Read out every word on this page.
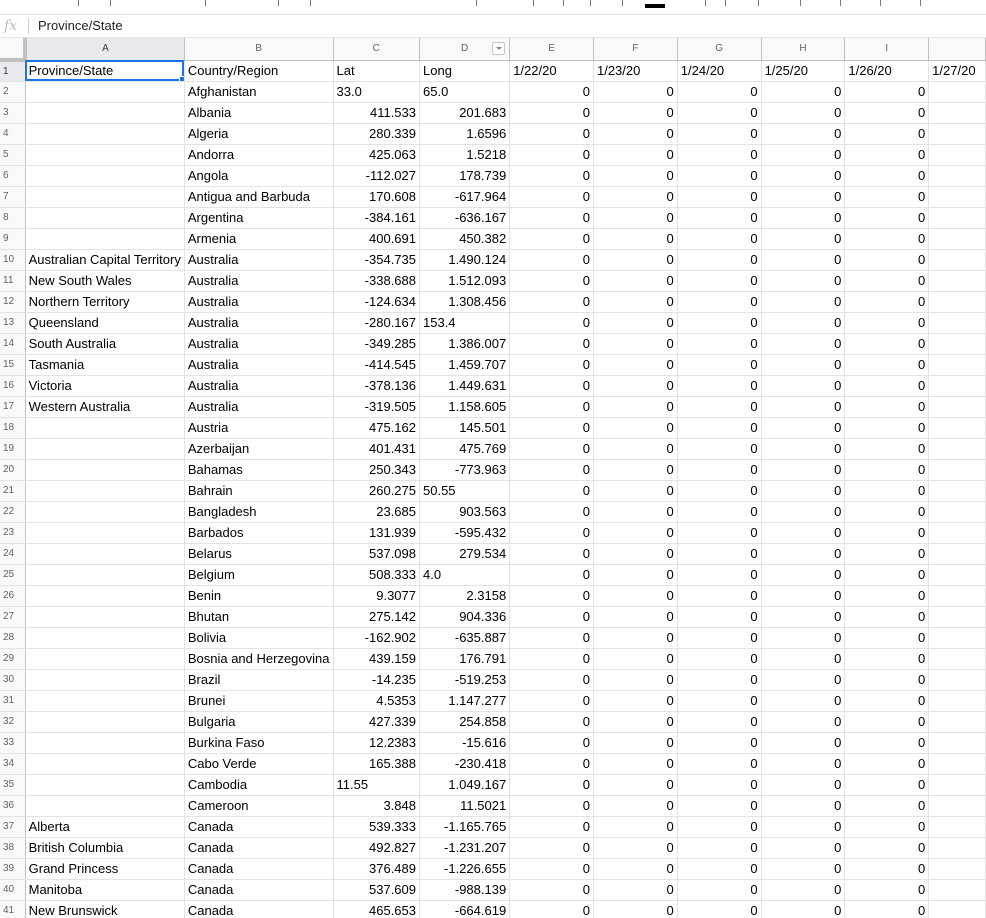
fx	Province/State
	A	B	C	D	E	F	G	H	I	
1	Province/State	Country/Region	Lat	Long	1/22/20	1/23/20	1/24/20	1/25/20	1/26/20	1/27/20
2		Afghanistan	33.0	65.0	0	0	0	0	0	
3		Albania	411.533	201.683	0	0	0	0	0	
4		Algeria	280.339	1.6596	0	0	0	0	0	
5		Andorra	425.063	1.5218	0	0	0	0	0	
6		Angola	-112.027	178.739	0	0	0	0	0	
7		Antigua and Barbuda	170.608	-617.964	0	0	0	0	0	
8		Argentina	-384.161	-636.167	0	0	0	0	0	
9		Armenia	400.691	450.382	0	0	0	0	0	
10	Australian Capital Territory	Australia	-354.735	1.490.124	0	0	0	0	0	
11	New South Wales	Australia	-338.688	1.512.093	0	0	0	0	0	
12	Northern Territory	Australia	-124.634	1.308.456	0	0	0	0	0	
13	Queensland	Australia	-280.167	153.4	0	0	0	0	0	
14	South Australia	Australia	-349.285	1.386.007	0	0	0	0	0	
15	Tasmania	Australia	-414.545	1.459.707	0	0	0	0	0	
16	Victoria	Australia	-378.136	1.449.631	0	0	0	0	0	
17	Western Australia	Australia	-319.505	1.158.605	0	0	0	0	0	
18		Austria	475.162	145.501	0	0	0	0	0	
19		Azerbaijan	401.431	475.769	0	0	0	0	0	
20		Bahamas	250.343	-773.963	0	0	0	0	0	
21		Bahrain	260.275	50.55	0	0	0	0	0	
22		Bangladesh	23.685	903.563	0	0	0	0	0	
23		Barbados	131.939	-595.432	0	0	0	0	0	
24		Belarus	537.098	279.534	0	0	0	0	0	
25		Belgium	508.333	4.0	0	0	0	0	0	
26		Benin	9.3077	2.3158	0	0	0	0	0	
27		Bhutan	275.142	904.336	0	0	0	0	0	
28		Bolivia	-162.902	-635.887	0	0	0	0	0	
29		Bosnia and Herzegovina	439.159	176.791	0	0	0	0	0	
30		Brazil	-14.235	-519.253	0	0	0	0	0	
31		Brunei	4.5353	1.147.277	0	0	0	0	0	
32		Bulgaria	427.339	254.858	0	0	0	0	0	
33		Burkina Faso	12.2383	-15.616	0	0	0	0	0	
34		Cabo Verde	165.388	-230.418	0	0	0	0	0	
35		Cambodia	11.55	1.049.167	0	0	0	0	0	
36		Cameroon	3.848	11.5021	0	0	0	0	0	
37	Alberta	Canada	539.333	-1.165.765	0	0	0	0	0	
38	British Columbia	Canada	492.827	-1.231.207	0	0	0	0	0	
39	Grand Princess	Canada	376.489	-1.226.655	0	0	0	0	0	
40	Manitoba	Canada	537.609	-988.139	0	0	0	0	0	
41	New Brunswick	Canada	465.653	-664.619	0	0	0	0	0	
